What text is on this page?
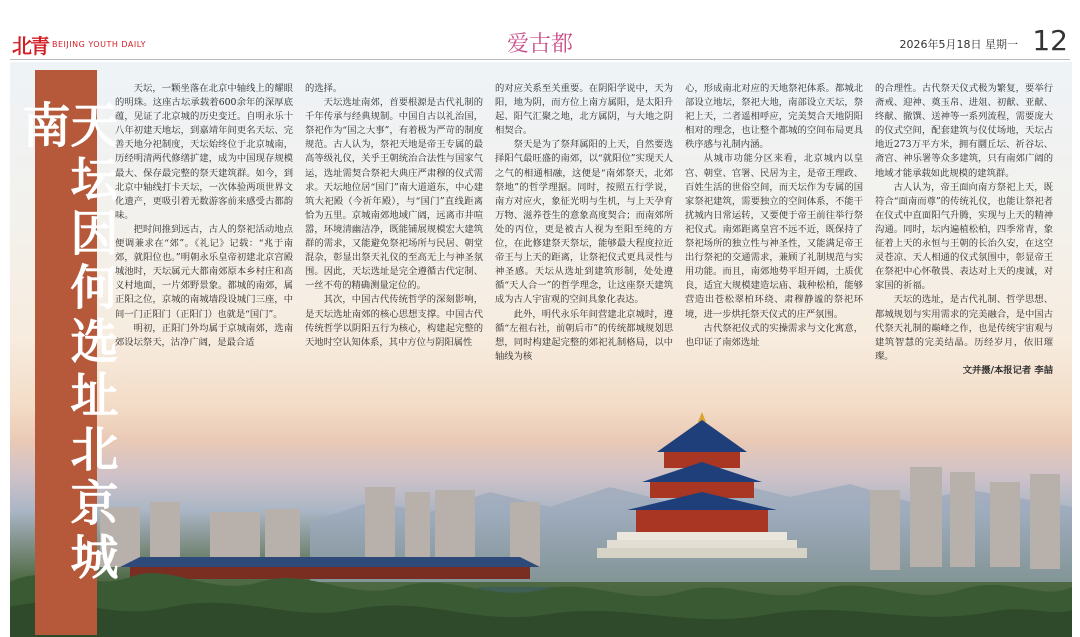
北青 BEIJING YOUTH DAILY	爱古都	2026年5月18日 星期一 12
天坛因何选址北京城南

天坛，一颗坐落在北京中轴线上的耀眼的明珠。这座古坛承载着600余年的深厚底蕴，见证了北京城的历史变迁。自明永乐十八年初建天地坛，到嘉靖年间更名天坛、完善天地分祀制度，天坛始终位于北京城南，历经明清两代修缮扩建，成为中国现存规模最大、保存最完整的祭天建筑群。如今，到北京中轴线打卡天坛，一次体验两项世界文化遗产，更吸引着无数游客前来感受古都韵味。

把时间推到远古，古人的祭祀活动地点便调兼求在“郊”。《礼记》记载：“兆于南郊，就阳位也。”明朝永乐皇帝初建北京宫殿城池时，天坛属元大都南郊原本乡村庄和高义村地面，一片郊野景象。都城的南郊，属正阳之位，京城的南城墙段设城门三座，中间一门正阳门（正阳门）也就是“国门”。

明初，正阳门外均属于京城南郊，选南郊设坛祭天，沽净广阔，是最合适

的选择。

天坛选址南郊，首要根源是古代礼制的千年传承与经典规制。中国自古以礼治国，祭祀作为“国之大事”，有着极为严苛的制度规范。古人认为，祭祀天地是帝王专属的最高等级礼仪，关乎王朝统治合法性与国家气运，选址需契合祭祀大典庄严肃穆的仪式需求。天坛地位居“国门”南大道道东，中心建筑大祀殿（今祈年殿），与“国门”直线距离恰为五里。京城南郊地域广阔，远离市井喧嚣，环境清幽洁净，既能铺展规模宏大建筑群的需求，又能避免祭祀场所与民居、朝堂混杂，彰显出祭天礼仪的至高无上与神圣氛围。因此，天坛选址是完全遵循古代定制、一丝不苟的精确测量定位的。

其次，中国古代传统哲学的深刻影响，是天坛选址南郊的核心思想支撑。中国古代传统哲学以阴阳五行为核心，构建起完整的天地时空认知体系，其中方位与阴阳属性

的对应关系至关重要。在阴阳学说中，天为阳，地为阴，而方位上南方属阳，是太阳升起、阳气汇聚之地，北方属阴，与大地之阴相契合。

祭天是为了祭拜属阳的上天，自然要选择阳气最旺盛的南郊，以“就阳位”实现天人之气的相通相融，这便是“南郊祭天，北郊祭地”的哲学理据。同时，按照五行学说，南方对应火，象征光明与生机，与上天孕育万物、滋养苍生的意象高度契合；而南郊所处的丙位，更是被古人视为至阳至纯的方位，在此修建祭天祭坛，能够最大程度拉近帝王与上天的距离，让祭祀仪式更具灵性与神圣感。天坛从选址到建筑形制，处处遵循“天人合一”的哲学理念，让这座祭天建筑成为古人宇宙观的空间具象化表达。

此外，明代永乐年间营建北京城时，遵循“左祖右社，前朝后市”的传统都城规划思想，同时构建起完整的郊祀礼制格局，以中轴线为核

心，形成南北对应的天地祭祀体系。都城北部设立地坛，祭祀大地，南部设立天坛，祭祀上天，二者遥相呼应，完美契合天地阴阳相对的理念，也让整个都城的空间布局更具秩序感与礼制内涵。

从城市功能分区来看，北京城内以皇宫、朝堂、官署、民居为主，是帝王理政、百姓生活的世俗空间，而天坛作为专属的国家祭祀建筑，需要独立的空间体系，不能干扰城内日常运转，又要便于帝王前往举行祭祀仪式。南郊距离皇宫不远不近，既保持了祭祀场所的独立性与神圣性，又能满足帝王出行祭祀的交通需求，兼顾了礼制规范与实用功能。而且，南郊地势平坦开阔，土质优良，适宜大规模建造坛庙、栽种松柏，能够营造出苍松翠柏环绕、肃穆静谧的祭祀环境，进一步烘托祭天仪式的庄严氛围。

古代祭祀仪式的实操需求与文化寓意，也印证了南郊选址

的合理性。古代祭天仪式极为繁复，要举行斋戒、迎神、奠玉帛、进俎、初献、亚献、终献、撤馔、送神等一系列流程，需要庞大的仪式空间，配套建筑与仪仗场地，天坛占地近273万平方米，拥有圜丘坛、祈谷坛、斋宫、神乐署等众多建筑，只有南郊广阔的地域才能承载如此规模的建筑群。

古人认为，帝王面向南方祭祀上天，既符合“面南而尊”的传统礼仪，也能让祭祀者在仪式中直面阳气升腾，实现与上天的精神沟通。同时，坛内遍植松柏，四季常青，象征着上天的永恒与王朝的长治久安，在这空灵苍凉、天人相通的仪式氛围中，彰显帝王在祭祀中心怀敬畏、表达对上天的虔诚，对家国的祈福。

天坛的选址，是古代礼制、哲学思想、都城规划与实用需求的完美融合，是中国古代祭天礼制的巅峰之作，也是传统宇宙观与建筑智慧的完美结晶。历经岁月，依旧璀璨。

文并摄/本报记者 李喆
